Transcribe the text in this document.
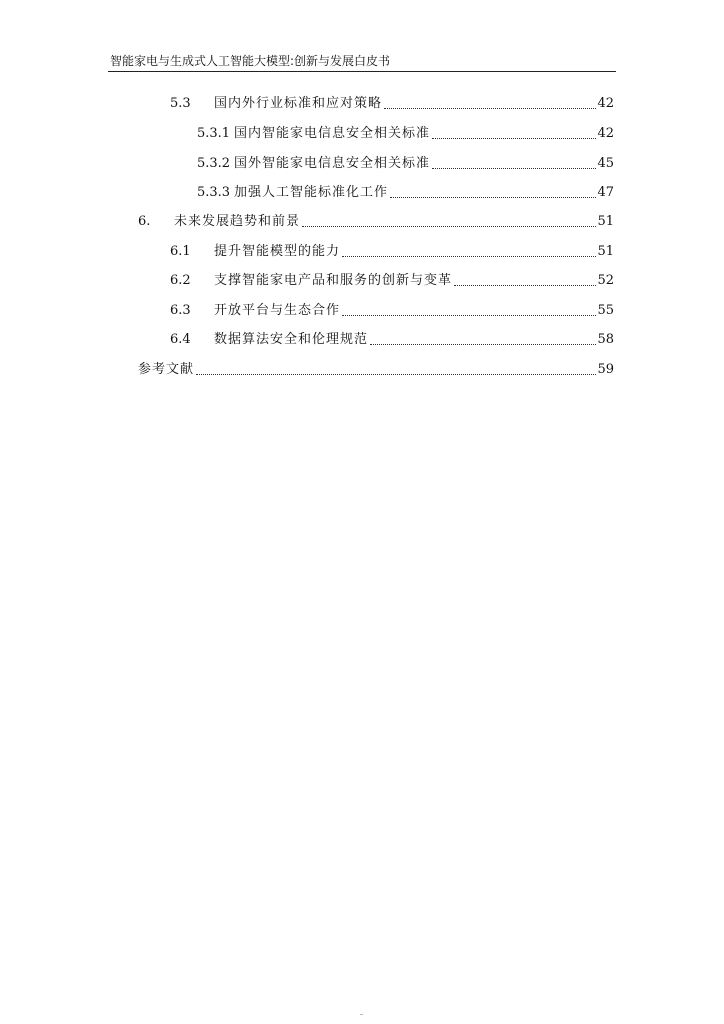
智能家电与生成式人工智能大模型:创新与发展白皮书
5.3	国内外行业标准和应对策略	42
5.3.1 国内智能家电信息安全相关标准	42
5.3.2 国外智能家电信息安全相关标准	45
5.3.3 加强人工智能标准化工作	47
6.	未来发展趋势和前景	51
6.1	提升智能模型的能力	51
6.2	支撑智能家电产品和服务的创新与变革	52
6.3	开放平台与生态合作	55
6.4	数据算法安全和伦理规范	58
参考文献	59
